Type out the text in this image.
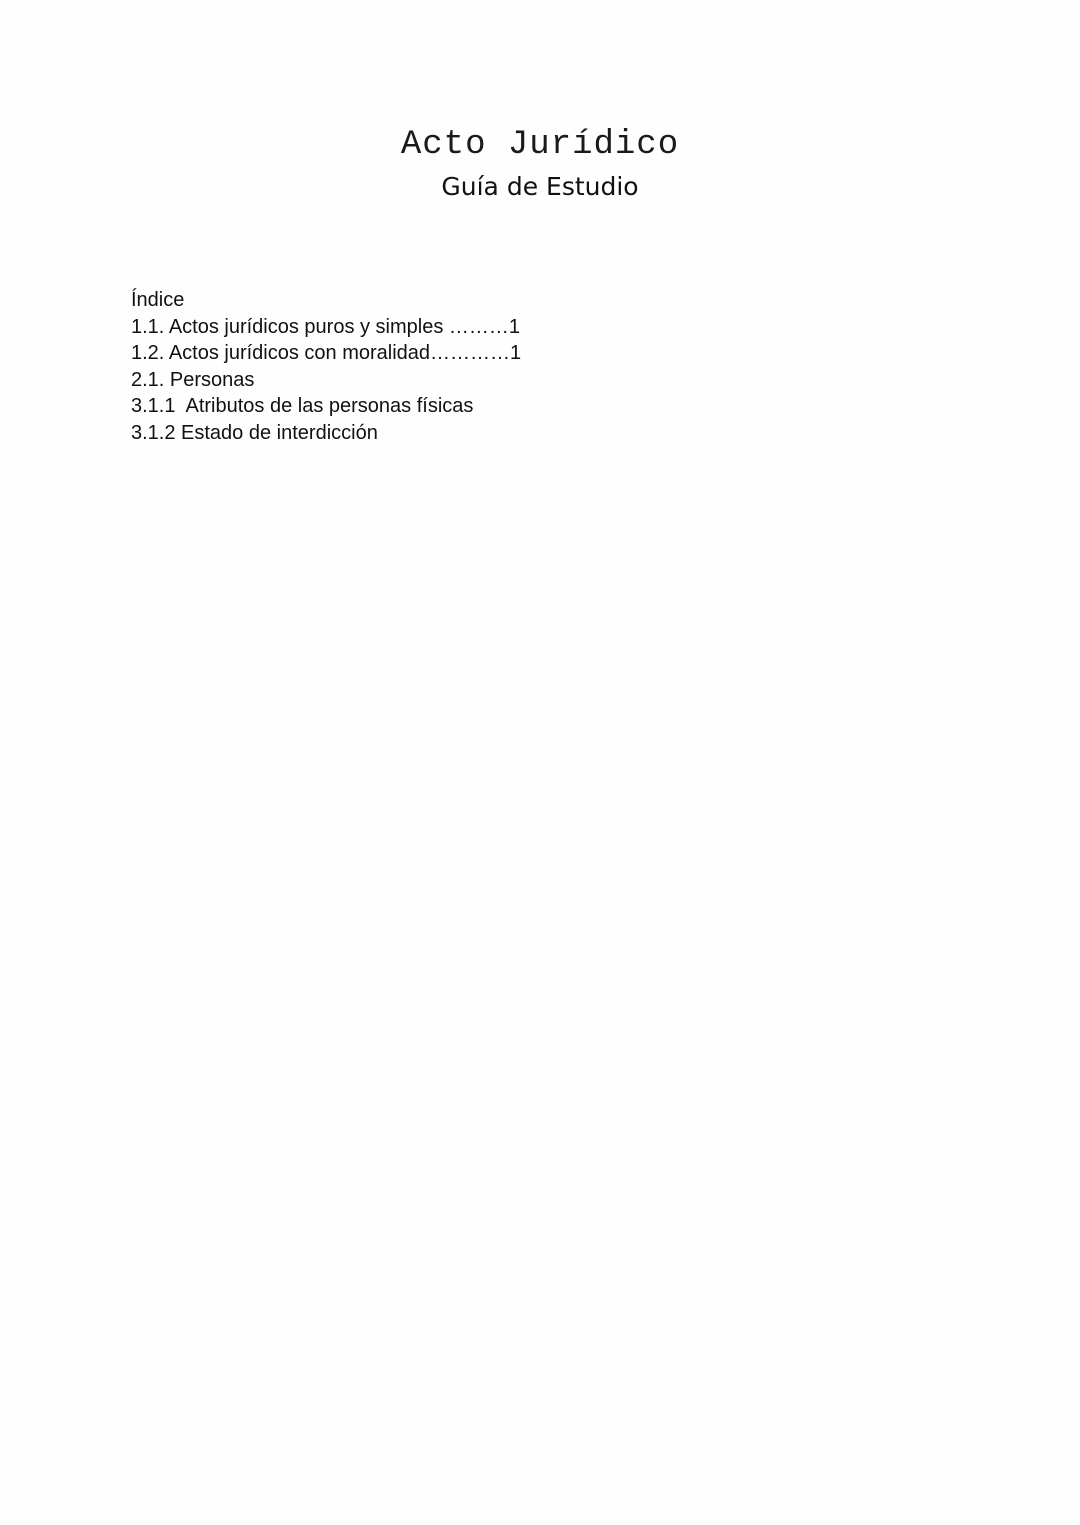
Acto Jurídico
Guía de Estudio
Índice
1.1. Actos jurídicos puros y simples ………1
1.2. Actos jurídicos con moralidad…………1
2.1. Personas
3.1.1  Atributos de las personas físicas
3.1.2 Estado de interdicción
